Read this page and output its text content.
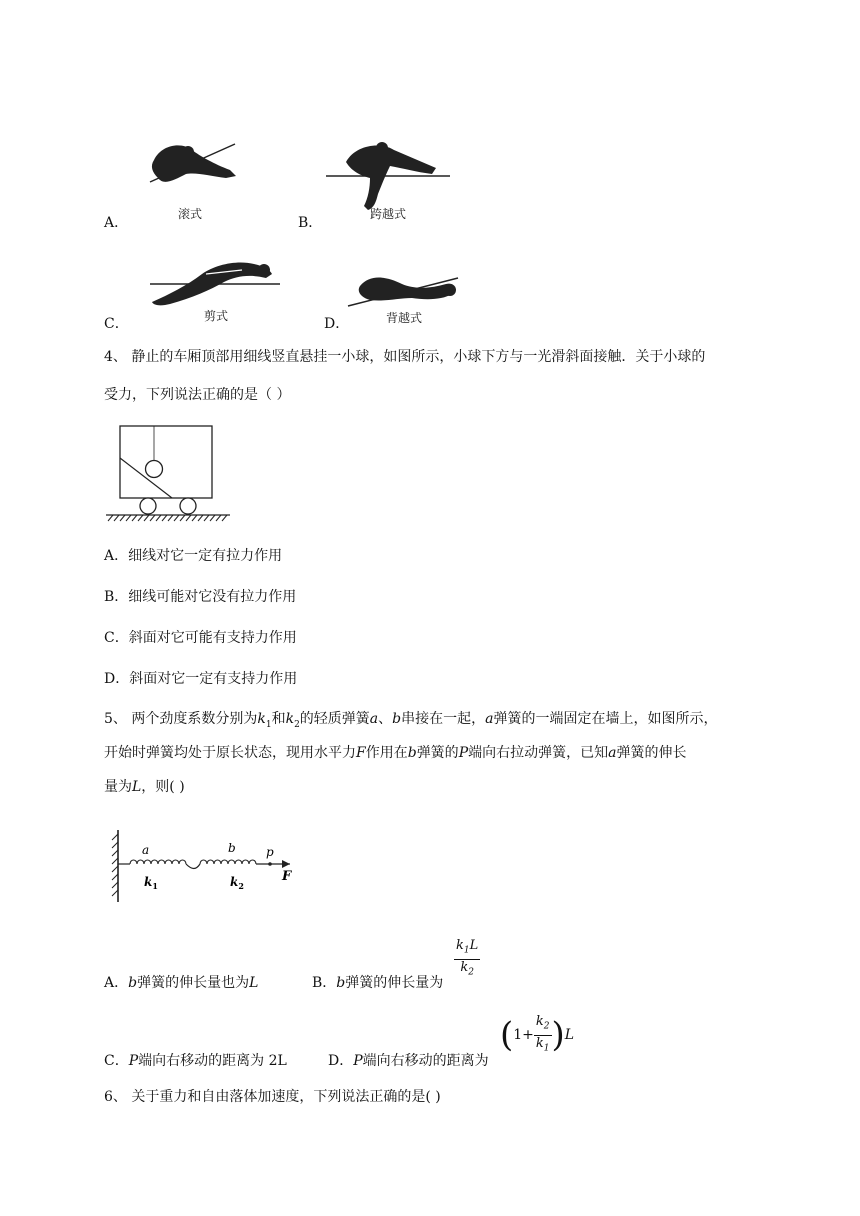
A．
滚式
B．
跨越式
C．	剪式	D．	背越式
4、 静止的车厢顶部用细线竖直悬挂一小球，如图所示，小球下方与一光滑斜面接触．关于小球的
受力，下列说法正确的是（ ）
A．细线对它一定有拉力作用
B．细线可能对它没有拉力作用
C．斜面对它可能有支持力作用
D．斜面对它一定有支持力作用
5、 两个劲度系数分别为$k_1$和$k_2$的轻质弹簧a、b串接在一起，a弹簧的一端固定在墙上，如图所示，
开始时弹簧均处于原长状态，现用水平力F作用在b弹簧的P端向右拉动弹簧，已知a弹簧的伸长
量为L，则( )
a	b	p
F
$k_1$	$k_2$
A．b弹簧的伸长量也为L	B．b弹簧的伸长量为
$\frac{k_1L}{k_2}$
C．P端向右移动的距离为 2L	D．P端向右移动的距离为
$(1+ \frac{k_2}{k_1} )L$
6、 关于重力和自由落体加速度，下列说法正确的是( )
